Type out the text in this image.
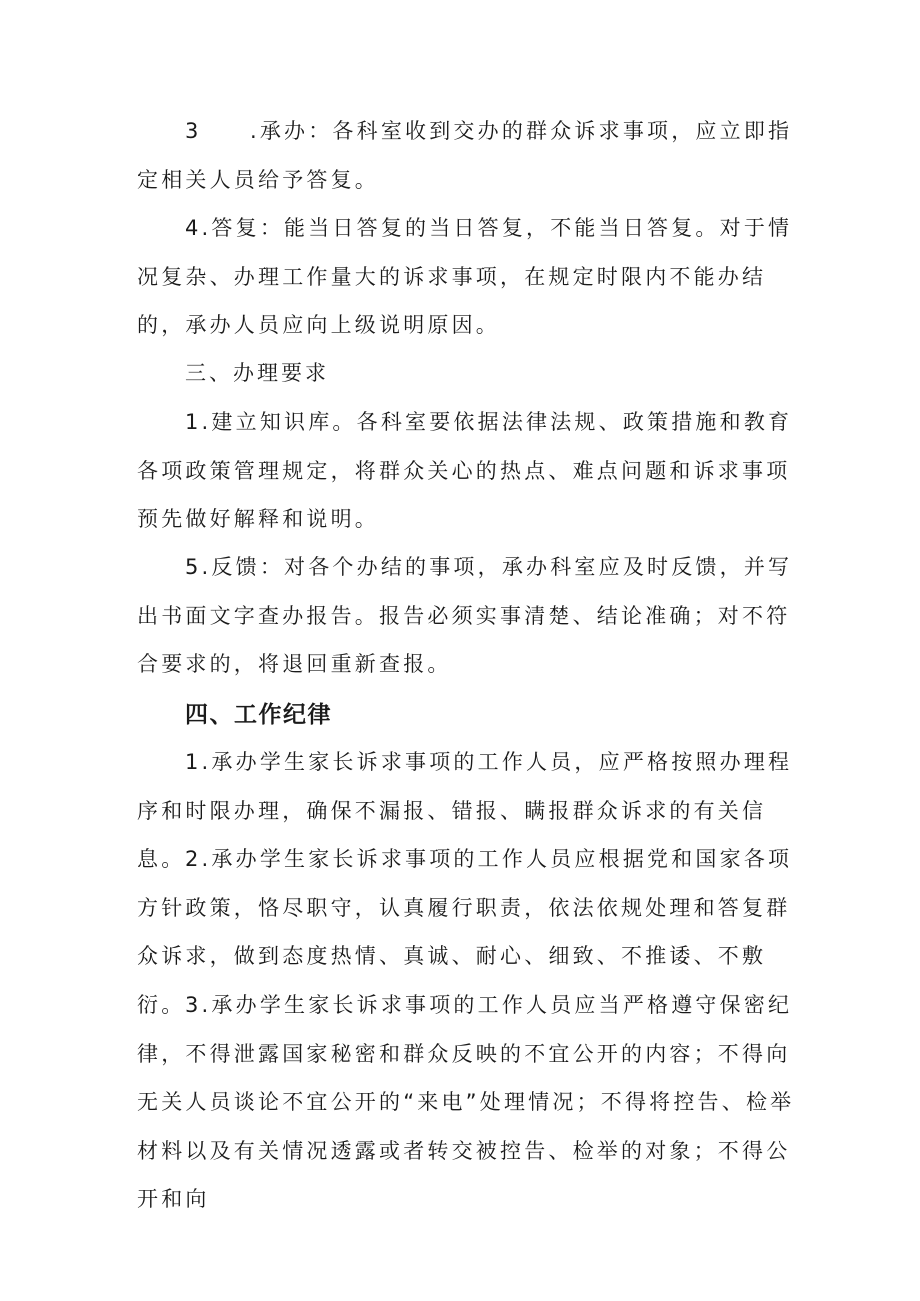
3　　.承办：各科室收到交办的群众诉求事项，应立即指定相关人员给予答复。

4.答复：能当日答复的当日答复，不能当日答复。对于情况复杂、办理工作量大的诉求事项，在规定时限内不能办结的，承办人员应向上级说明原因。

三、办理要求

1.建立知识库。各科室要依据法律法规、政策措施和教育各项政策管理规定，将群众关心的热点、难点问题和诉求事项预先做好解释和说明。

5.反馈：对各个办结的事项，承办科室应及时反馈，并写出书面文字查办报告。报告必须实事清楚、结论准确；对不符合要求的，将退回重新查报。

四、工作纪律

1.承办学生家长诉求事项的工作人员，应严格按照办理程序和时限办理，确保不漏报、错报、瞒报群众诉求的有关信息。 2.承办学生家长诉求事项的工作人员应根据党和国家各项方针政策，恪尽职守，认真履行职责，依法依规处理和答复群众诉求，做到态度热情、真诚、耐心、细致、不推诿、不敷衍。 3.承办学生家长诉求事项的工作人员应当严格遵守保密纪律，不得泄露国家秘密和群众反映的不宜公开的内容；不得向无关人员谈论不宜公开的“来电”处理情况；不得将控告、检举材料以及有关情况透露或者转交被控告、检举的对象；不得公开和向
